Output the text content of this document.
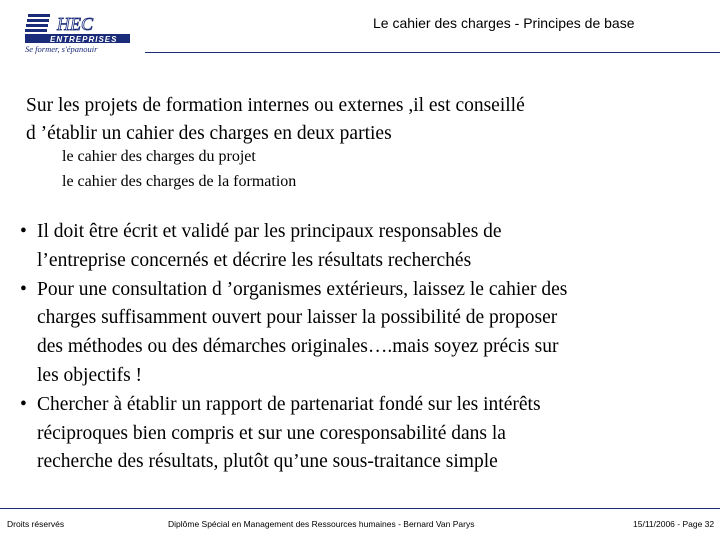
HEC
ENTREPRISES
Se former, s'épanouir
Le cahier des charges - Principes de base
Sur les projets de formation internes ou externes ,il est conseillé
d ’établir un cahier des charges en deux parties
le cahier des charges du projet
le cahier des charges de la formation

• Il doit être écrit et validé par les principaux responsables de
l’entreprise concernés et décrire les résultats recherchés

• Pour une consultation d ’organismes extérieurs, laissez le cahier des
charges suffisamment ouvert pour laisser la possibilité de proposer
des méthodes ou des démarches originales….mais soyez précis sur
les objectifs !

• Chercher à établir un rapport de partenariat fondé sur les intérêts
réciproques bien compris et sur une coresponsabilité dans la
recherche des résultats, plutôt qu’une sous-traitance simple

Droits réservés	Diplôme Spécial en Management des Ressources humaines - Bernard Van Parys	15/11/2006 - Page 32
